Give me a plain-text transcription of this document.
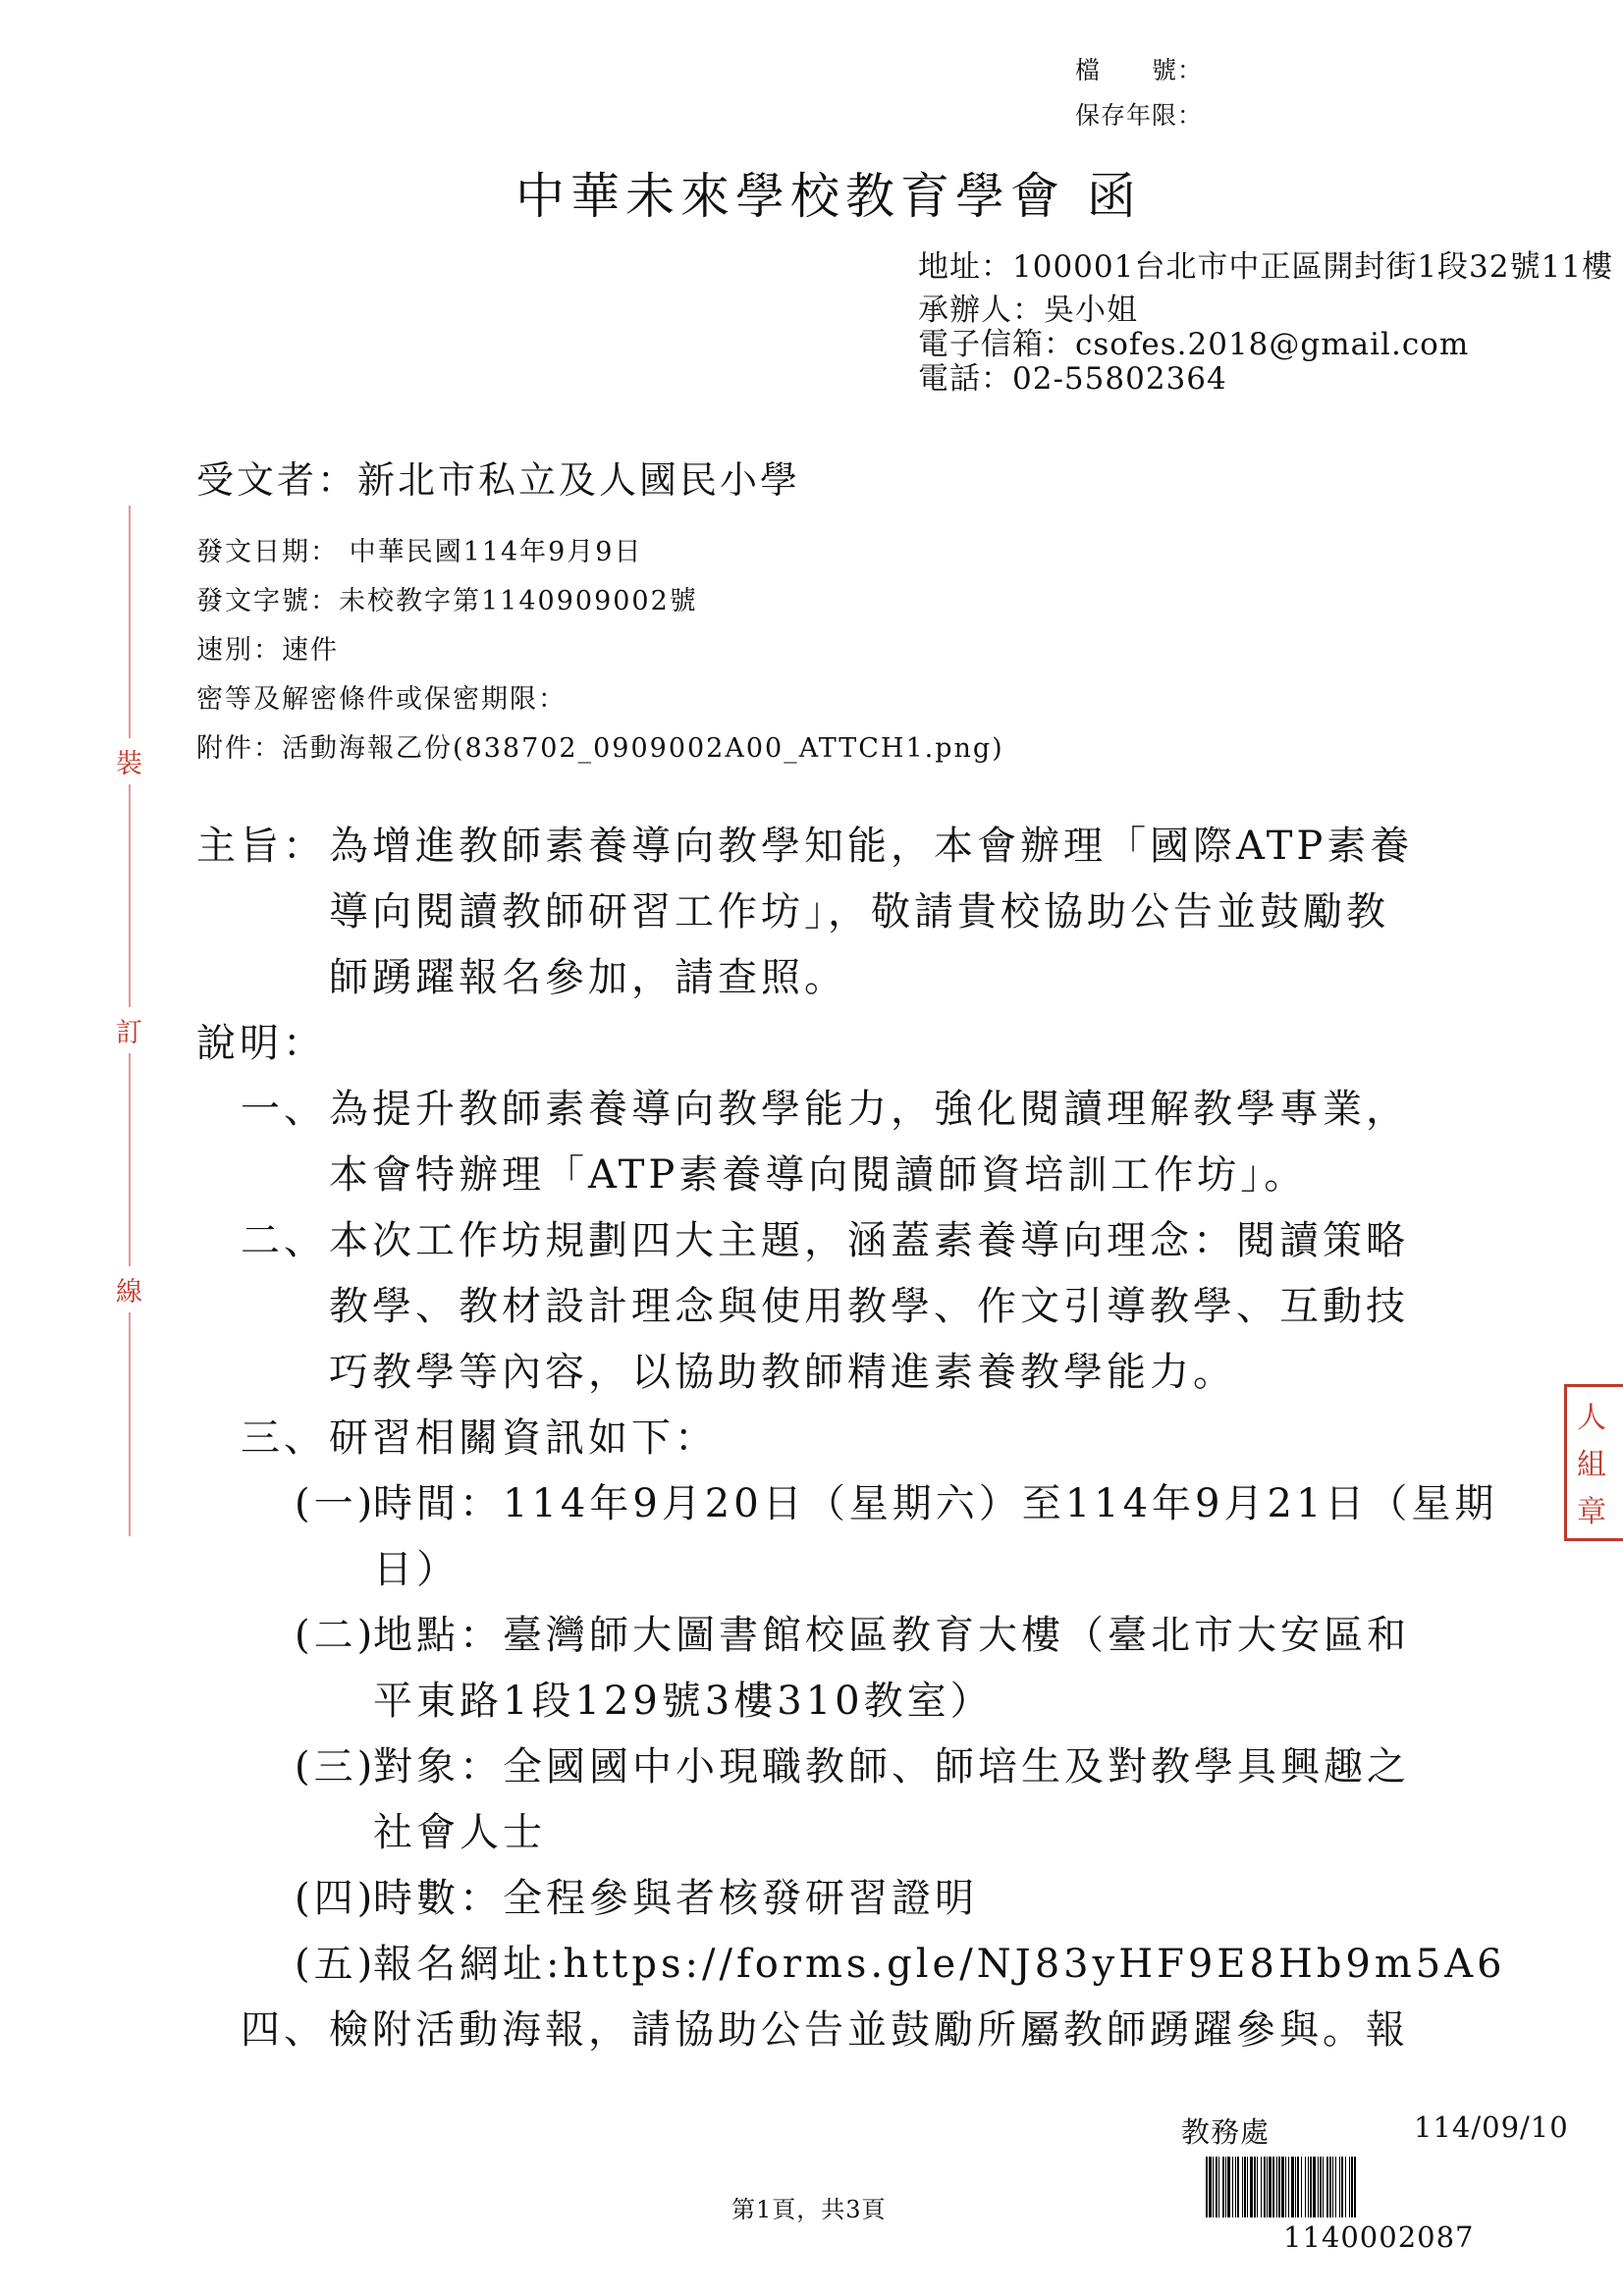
檔　　號：
保存年限：
中華未來學校教育學會 函
地址：100001台北市中正區開封街1段32號11樓
承辦人：吳小姐
電子信箱：csofes.2018@gmail.com
電話：02-55802364
受文者：新北市私立及人國民小學
發文日期： 中華民國114年9月9日
發文字號：未校教字第1140909002號
速別：速件
密等及解密條件或保密期限：
附件：活動海報乙份(838702_0909002A00_ATTCH1.png)
裝
訂
線
主旨： 為增進教師素養導向教學知能，本會辦理「國際ATP素養
導向閱讀教師研習工作坊」，敬請貴校協助公告並鼓勵教
師踴躍報名參加，請查照。
說明：
一、 為提升教師素養導向教學能力，強化閱讀理解教學專業，
本會特辦理「ATP素養導向閱讀師資培訓工作坊」。
二、 本次工作坊規劃四大主題，涵蓋素養導向理念：閱讀策略
教學、教材設計理念與使用教學、作文引導教學、互動技
巧教學等內容，以協助教師精進素養教學能力。
三、 研習相關資訊如下：
(一)
時間：114年9月20日（星期六）至114年9月21日（星期
日）
(二)
地點：臺灣師大圖書館校區教育大樓（臺北市大安區和
平東路1段129號3樓310教室）
(三)
對象：全國國中小現職教師、師培生及對教學具興趣之
社會人士
(四)
時數：全程參與者核發研習證明
(五)
報名網址:https://forms.gle/NJ83yHF9E8Hb9m5A6
四、 檢附活動海報，請協助公告並鼓勵所屬教師踴躍參與。報
人
組
章
教務處	114/09/10
1140002087
第1頁，共3頁
